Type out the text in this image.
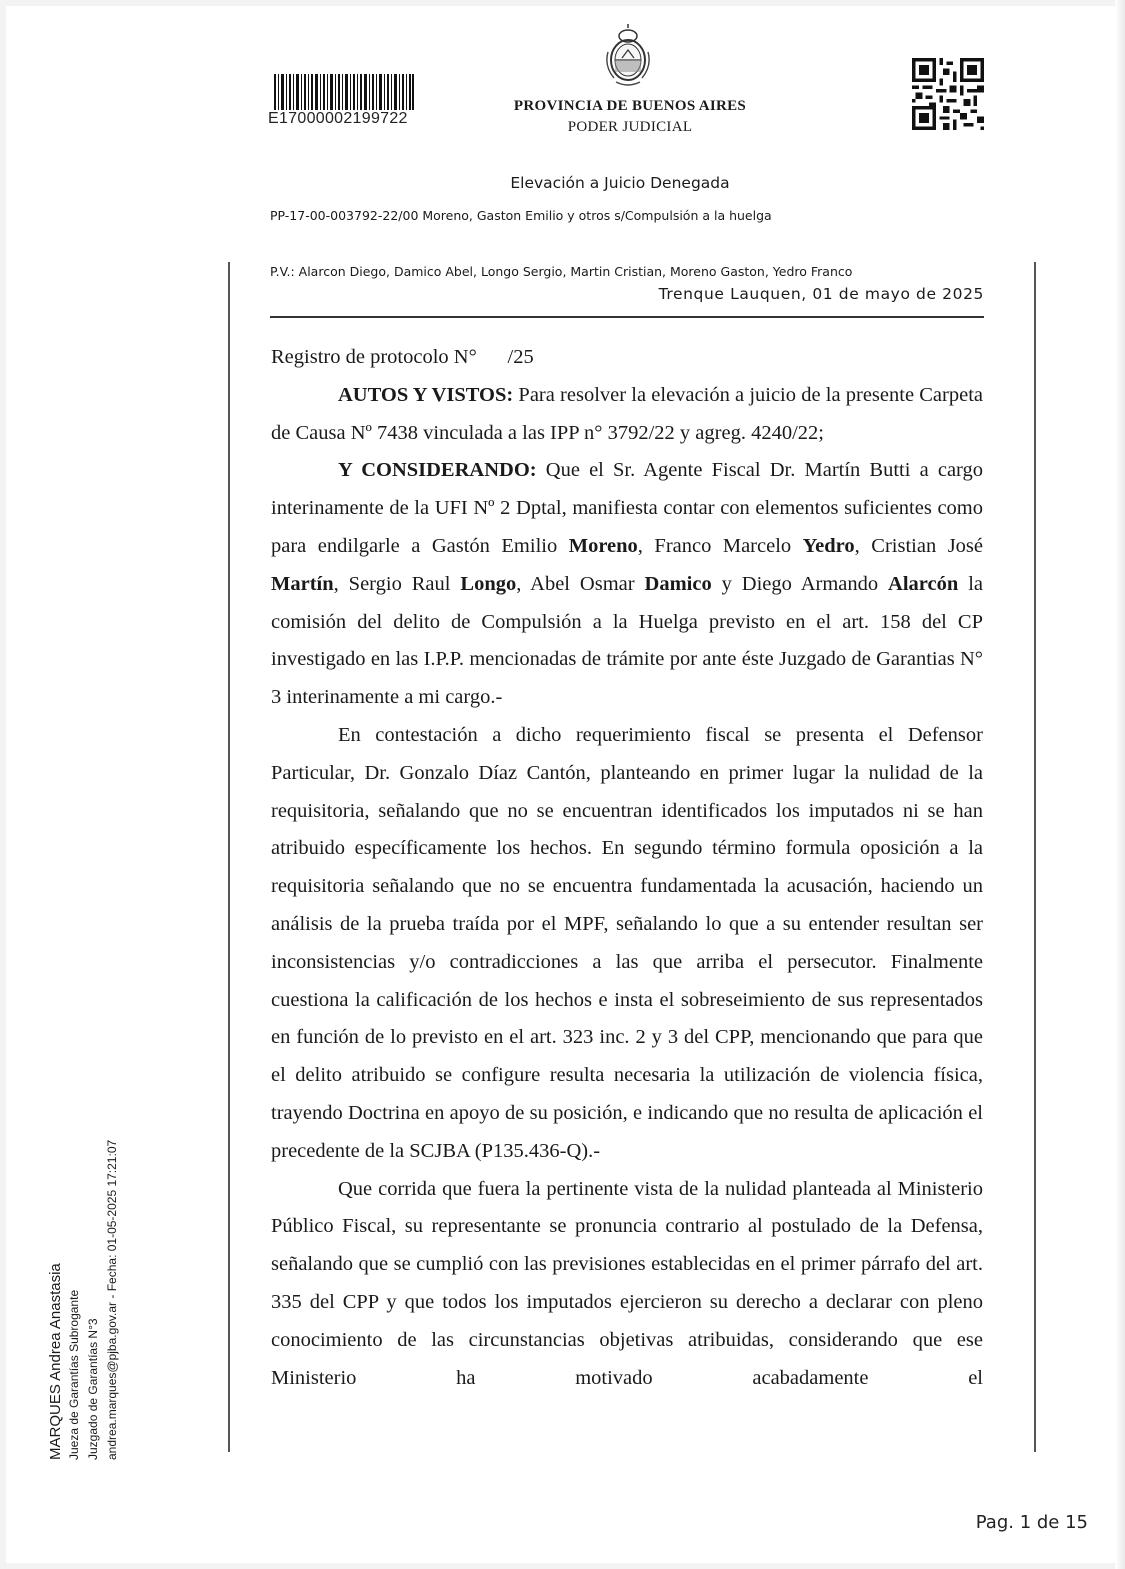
E17000002199722
PROVINCIA DE BUENOS AIRES
PODER JUDICIAL
Elevación a Juicio Denegada
PP-17-00-003792-22/00 Moreno, Gaston Emilio y otros s/Compulsión a la huelga
P.V.: Alarcon Diego, Damico Abel, Longo Sergio, Martin Cristian, Moreno Gaston, Yedro Franco
Trenque Lauquen, 01 de mayo de 2025

Registro de protocolo N°  /25

AUTOS Y VISTOS: Para resolver la elevación a juicio de la presente Carpeta de Causa Nº 7438 vinculada a las IPP n° 3792/22 y agreg. 4240/22;

Y CONSIDERANDO: Que el Sr. Agente Fiscal Dr. Martín Butti a cargo interinamente de la UFI Nº 2 Dptal, manifiesta contar con elementos suficientes como para endilgarle a Gastón Emilio Moreno, Franco Marcelo Yedro, Cristian José Martín, Sergio Raul Longo, Abel Osmar Damico y Diego Armando Alarcón la comisión del delito de Compulsión a la Huelga previsto en el art. 158 del CP investigado en las I.P.P. mencionadas de trámite por ante éste Juzgado de Garantias N° 3 interinamente a mi cargo.-

En contestación a dicho requerimiento fiscal se presenta el Defensor Particular, Dr. Gonzalo Díaz Cantón, planteando en primer lugar la nulidad de la requisitoria, señalando que no se encuentran identificados los imputados ni se han atribuido específicamente los hechos. En segundo término formula oposición a la requisitoria señalando que no se encuentra fundamentada la acusación, haciendo un análisis de la prueba traída por el MPF, señalando lo que a su entender resultan ser inconsistencias y/o contradicciones a las que arriba el persecutor. Finalmente cuestiona la calificación de los hechos e insta el sobreseimiento de sus representados en función de lo previsto en el art. 323 inc. 2 y 3 del CPP, mencionando que para que el delito atribuido se configure resulta necesaria la utilización de violencia física, trayendo Doctrina en apoyo de su posición, e indicando que no resulta de aplicación el precedente de la SCJBA (P135.436-Q).-

Que corrida que fuera la pertinente vista de la nulidad planteada al Ministerio Público Fiscal, su representante se pronuncia contrario al postulado de la Defensa, señalando que se cumplió con las previsiones establecidas en el primer párrafo del art. 335 del CPP y que todos los imputados ejercieron su derecho a declarar con pleno conocimiento de las circunstancias objetivas atribuidas, considerando que ese Ministerio ha motivado acabadamente el

MARQUES Andrea Anastasia Jueza de Garantías Subrogante Juzgado de Garantías N°3 andrea.marques@pjba.gov.ar - Fecha: 01-05-2025 17:21:07
Pag. 1 de 15
